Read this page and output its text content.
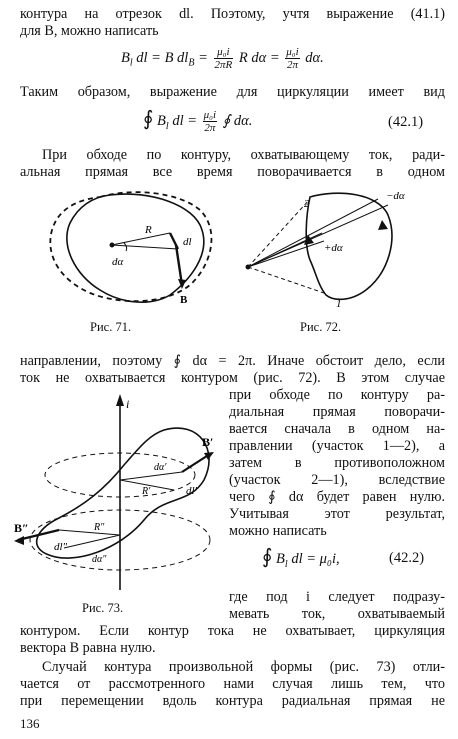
контура на отрезок dl. Поэтому, учтя выражение (41.1)
для B, можно написать
$B_l$ dl = B $dl_B = \frac{\text{μ₀i}}{2\pi R}$ R $d\alpha = \frac{\text{μ₀i}}{2\pi} d\alpha$.
Таким образом, выражение для циркуляции имеет вид
∮ $B_l$ dl = $\frac{\text{μ₀i}}{2\pi}$ ∮ dα.	(42.1)
При обходе по контуру, охватывающему ток, ради-
альная прямая все время поворачивается в одном
R
dl
dα
B
Рис. 71.
2
1
−dα
+dα
Рис. 72.
направлении, поэтому ∮ dα = 2π. Иначе обстоит дело, если
ток не охватывается контуром (рис. 72). В этом случае
при обходе по контуру ра-
диальная прямая поворачи-
вается сначала в одном на-
правлении (участок 1—2), а
затем в противоположном
(участок 2—1), вследствие
чего ∮ dα будет равен нулю.
Учитывая этот результат,
можно написать
∮ $B_l$ dl = μ₀i,	(42.2)
где под i следует подразу-
мевать ток, охватываемый
i
B′
B″
dα′
dα″
R′
R″
dl′
dl″
Рис. 73.
контуром. Если контур тока не охватывает, циркуляция
вектора B равна нулю.
Случай контура произвольной формы (рис. 73) отли-
чается от рассмотренного нами случая лишь тем, что
при перемещении вдоль контура радиальная прямая не
136
